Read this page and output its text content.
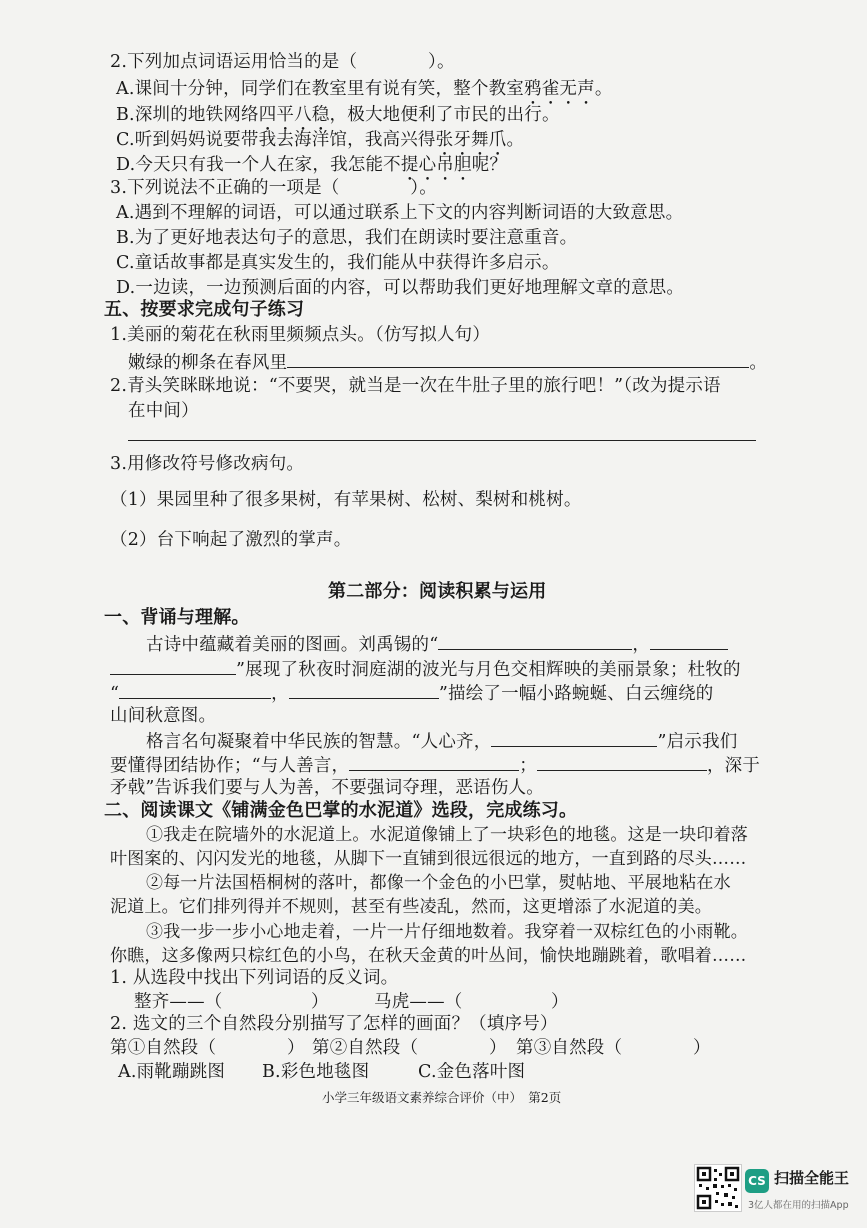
2.下列加点词语运用恰当的是（　　　　）。
A.课间十分钟，同学们在教室里有说有笑，整个教室鸦雀无声。
B.深圳的地铁网络四平八稳，极大地便利了市民的出行。
C.听到妈妈说要带我去海洋馆，我高兴得张牙舞爪。
D.今天只有我一个人在家，我怎能不提心吊胆呢？
3.下列说法不正确的一项是（　　　　）。
A.遇到不理解的词语，可以通过联系上下文的内容判断词语的大致意思。
B.为了更好地表达句子的意思，我们在朗读时要注意重音。
C.童话故事都是真实发生的，我们能从中获得许多启示。
D.一边读，一边预测后面的内容，可以帮助我们更好地理解文章的意思。
五、按要求完成句子练习
1.美丽的菊花在秋雨里频频点头。（仿写拟人句）
嫩绿的柳条在春风里	。
2.青头笑眯眯地说：“不要哭，就当是一次在牛肚子里的旅行吧！”（改为提示语
在中间）
3.用修改符号修改病句。
（1）果园里种了很多果树，有苹果树、松树、梨树和桃树。
（2）台下响起了激烈的掌声。
第二部分：阅读积累与运用
一、背诵与理解。
古诗中蕴藏着美丽的图画。刘禹锡的“	，
”展现了秋夜时洞庭湖的波光与月色交相辉映的美丽景象；杜牧的
“	，	”描绘了一幅小路蜿蜒、白云缠绕的
山间秋意图。
格言名句凝聚着中华民族的智慧。“人心齐，	”启示我们
要懂得团结协作；“与人善言，	；	，深于
矛戟”告诉我们要与人为善，不要强词夺理，恶语伤人。
二、阅读课文《铺满金色巴掌的水泥道》选段，完成练习。
①我走在院墙外的水泥道上。水泥道像铺上了一块彩色的地毯。这是一块印着落
叶图案的、闪闪发光的地毯，从脚下一直铺到很远很远的地方，一直到路的尽头……
②每一片法国梧桐树的落叶，都像一个金色的小巴掌，熨帖地、平展地粘在水
泥道上。它们排列得并不规则，甚至有些凌乱，然而，这更增添了水泥道的美。
③我一步一步小心地走着，一片一片仔细地数着。我穿着一双棕红色的小雨靴。
你瞧，这多像两只棕红色的小鸟，在秋天金黄的叶丛间，愉快地蹦跳着，歌唱着……
1. 从选段中找出下列词语的反义词。
整齐——（　　　　　）	马虎——（　　　　　）
2. 选文的三个自然段分别描写了怎样的画面？（填序号）
第①自然段（　　　　） 第②自然段（　　　　） 第③自然段（　　　　）
A.雨靴蹦跳图 B.彩色地毯图	C.金色落叶图
小学三年级语文素养综合评价（中）　第2页
CS 扫描全能王
3亿人都在用的扫描App
